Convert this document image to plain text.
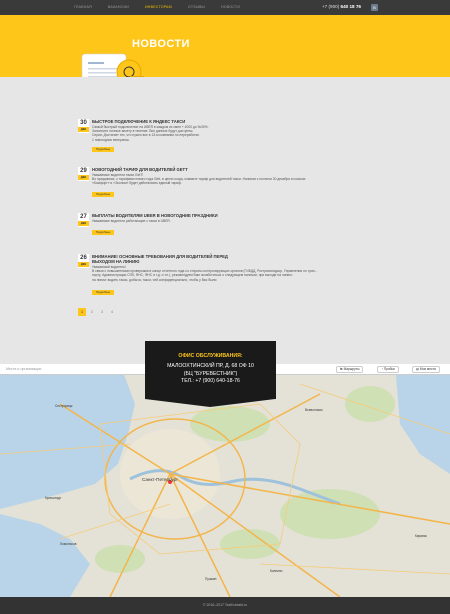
ГЛАВНАЯ	ВАКАНСИИ	ИНВЕСТОРАМ	ОТЗЫВЫ	НОВОСТИ	+7 (900) 640 18 76	B
НОВОСТИ
30
ДЕК
БЫСТРОЕ ПОДКЛЮЧЕНИЕ К ЯНДЕКС ТАКСИ
Самый быстрый подключение на UBER в каждом из смен + 4000 до 9х30%.
Заполните личные анкету в течение. Все данные будут доступны.
Серия: Достигает тех, что нужно все в 13-м компании по переработке.
1 новогодних вечеринок.
Подробнее
29
ДЕК
НОВОГОДНИЙ ТАРИФ ДЛЯ ВОДИТЕЛЕЙ GETT
Уважаемые водители такси GetT!
Во праздниках, с тарифами нового года Gett, в целях когда, коммите тариф для водителей такси. Начиная с полночи 30 декабря в классах «Комфорт» и «Эконом» будет действовать единый тариф.
Подробнее
27
ДЕК
ВЫПЛАТЫ ВОДИТЕЛЯМ UBER В НОВОГОДНИЕ ПРАЗДНИКИ
Уважаемые водители работающие с такси в UBER.
Подробнее
26
ДЕК
ВНИМАНИЕ! ОСНОВНЫЕ ТРЕБОВАНИЯ ДЛЯ ВОДИТЕЛЕЙ ПЕРЕД ВЫХОДОМ НА ЛИНИЮ
Уважаемый водитель!
В связи с повышенными проверками в конце отчетного года со стороны контролирующих органов (ГИБДД, Ространснадзор, Управления по тран...
порту, Администрации СПб, ФНС, ФНС и т.д. и т.п.), рекомендуем Вам позаботиться о следующем наличии, при выходе на линию:
на линии: водить такси, добыча, такси, чей конфиденциально, чтобы у Вас были:
Подробнее
1	2	3	4
Санкт-Петербург
Всеволожск
Кировск
Колпино
Ломоносов
Кронштадт
Сестрорецк
Пушкин
Места и организации	⇆ Маршруты	◔ Пробки	▤ Мои места
ОФИС ОБСЛУЖИВАНИЯ:
МАЛООХТИНСКИЙ ПР, Д. 68 ОФ 10
(БЦ "БУРЕВЕСТНИК")
ТЕЛ.: +7 (900) 640-18-76
© 2016–2017 TaxiKontakt.ru
